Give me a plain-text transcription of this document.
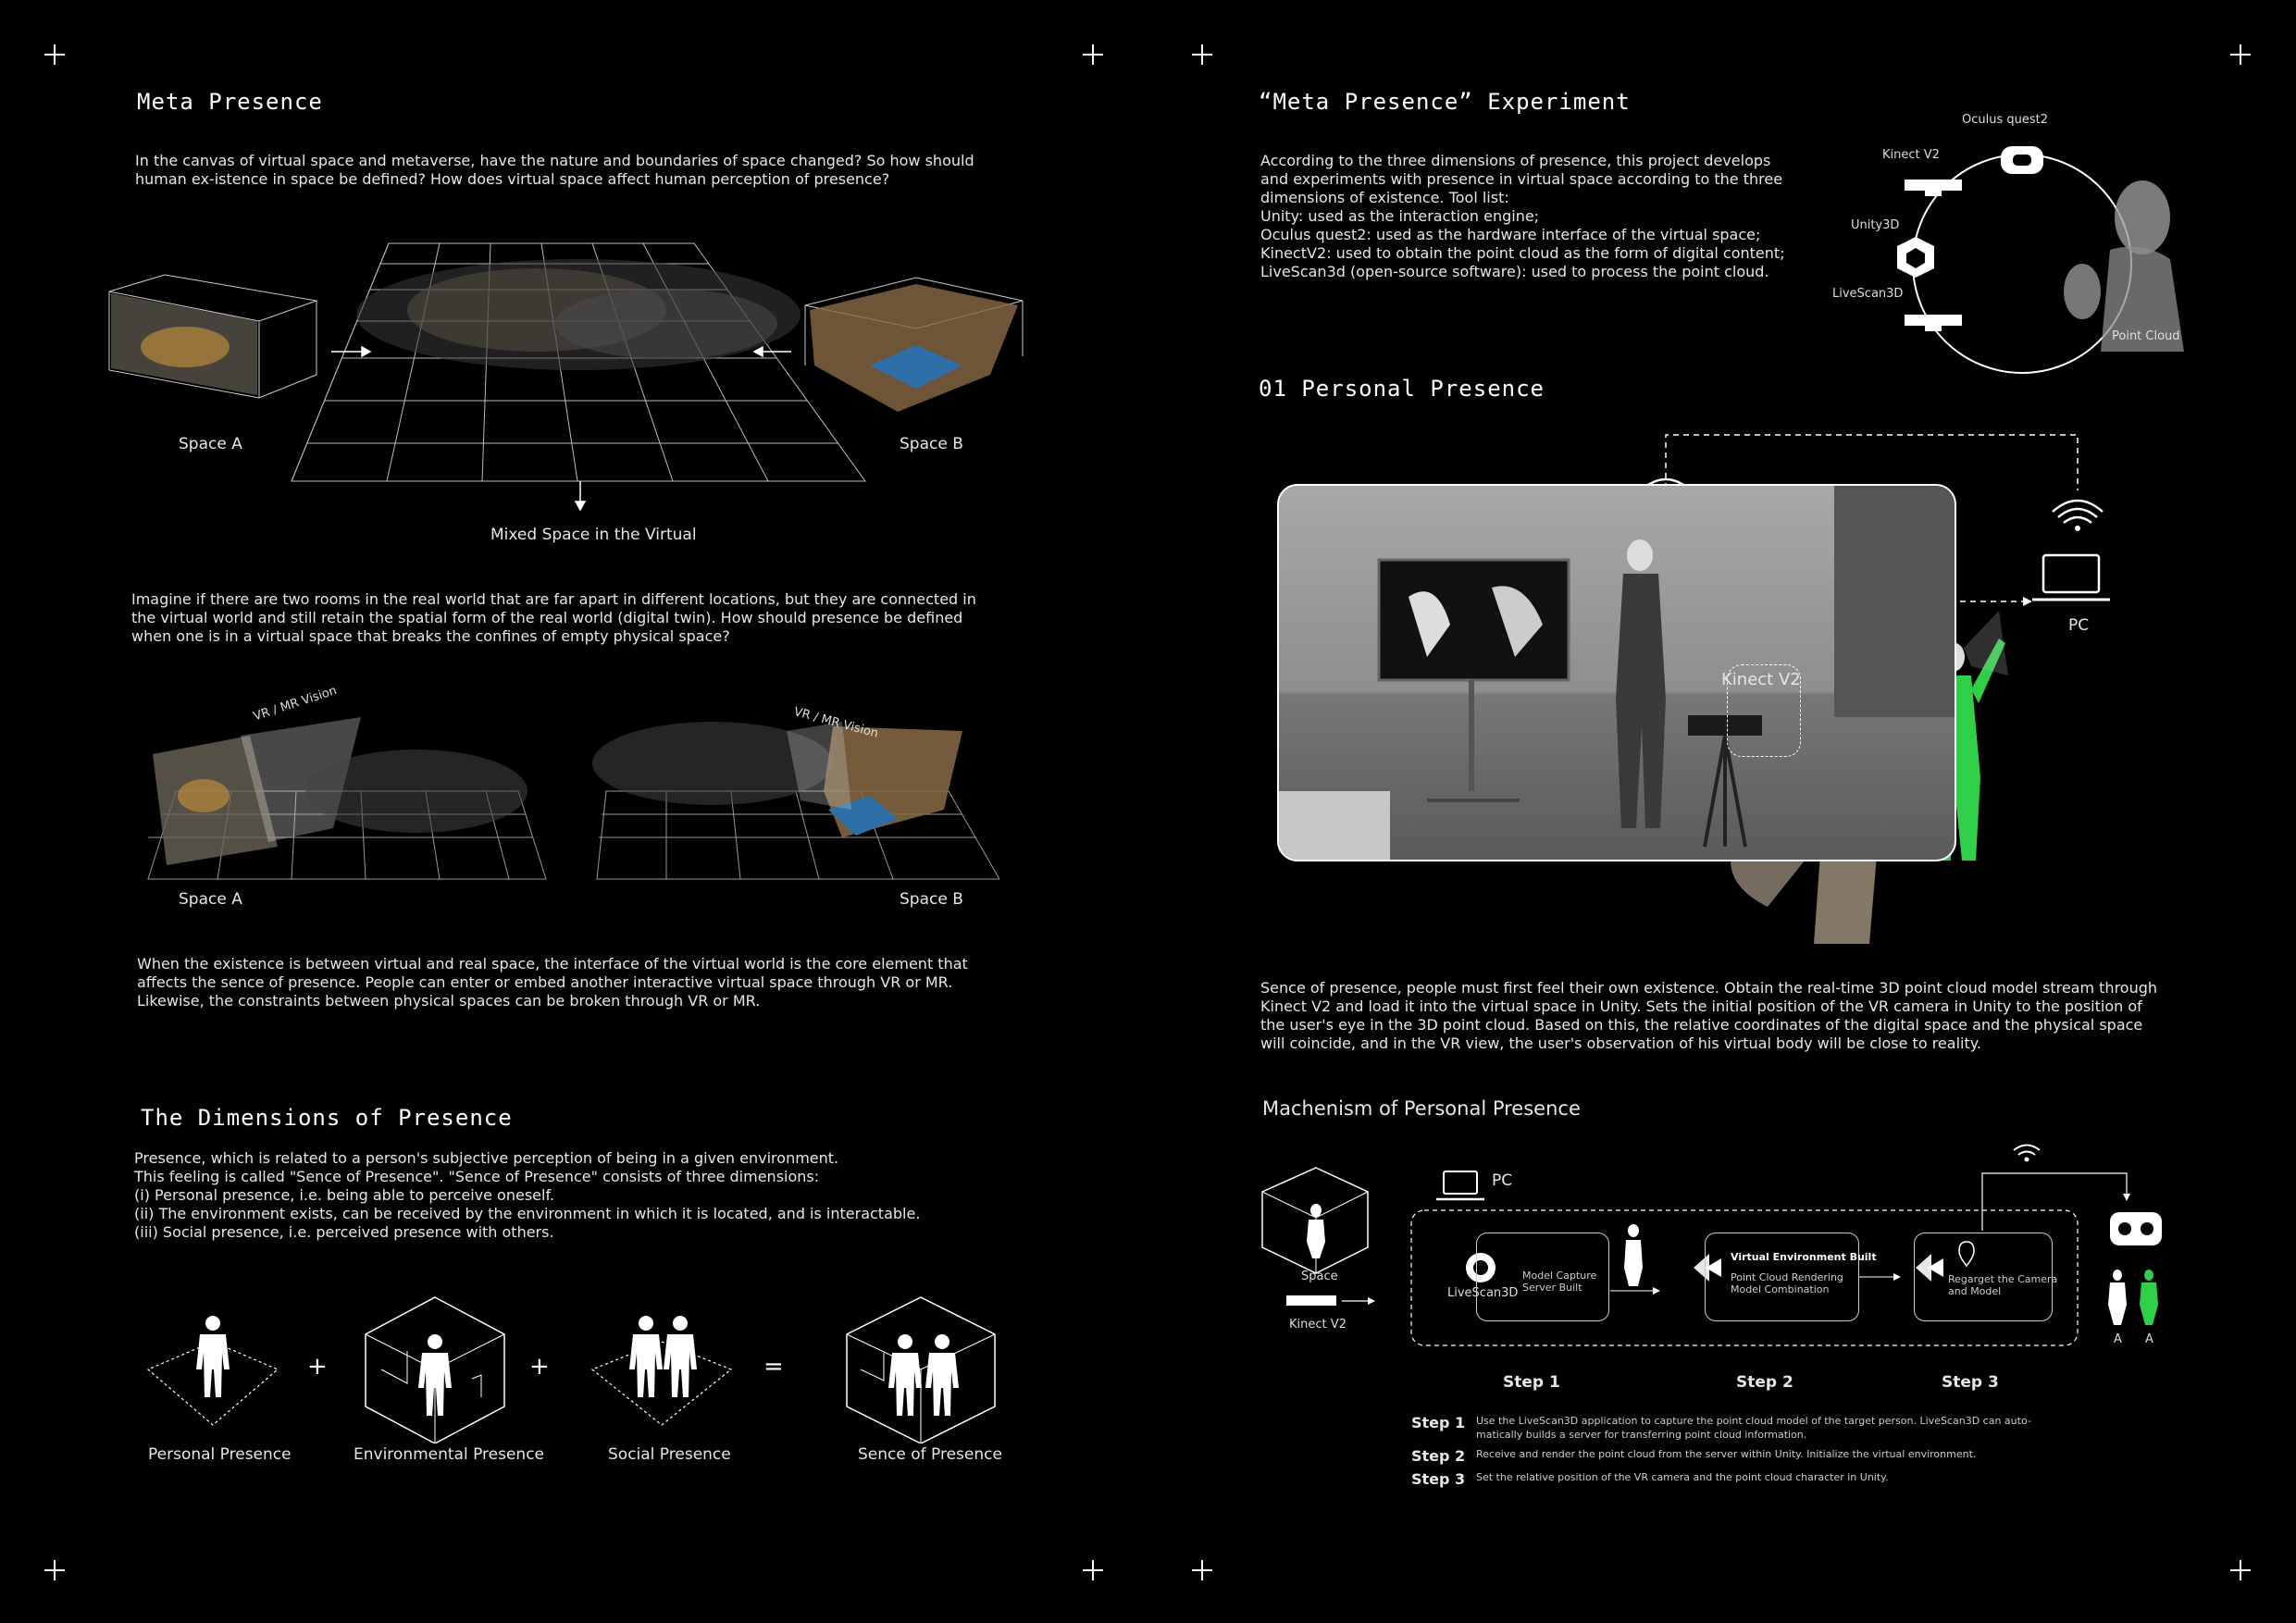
Meta Presence
In the canvas of virtual space and metaverse, have the nature and boundaries of space changed? So how should human ex-istence in space be defined? How does virtual space affect human perception of presence?
Space A	Space B
Mixed Space in the Virtual
Imagine if there are two rooms in the real world that are far apart in different locations, but they are connected in the virtual world and still retain the spatial form of the real world (digital twin). How should presence be defined when one is in a virtual space that breaks the confines of empty physical space?
VR / MR Vision	VR / MR Vision
Space A	Space B
When the existence is between virtual and real space, the interface of the virtual world is the core element that affects the sence of presence. People can enter or embed another interactive virtual space through VR or MR. Likewise, the constraints between physical spaces can be broken through VR or MR.
The Dimensions of Presence
Presence, which is related to a person's subjective perception of being in a given environment.
This feeling is called "Sence of Presence". "Sence of Presence" consists of three dimensions:
(i) Personal presence, i.e. being able to perceive oneself.
(ii) The environment exists, can be received by the environment in which it is located, and is interactable.
(iii) Social presence, i.e. perceived presence with others.
+	+	=
Personal Presence	Environmental Presence	Social Presence	Sence of Presence
“Meta Presence” Experiment
According to the three dimensions of presence, this project develops
and experiments with presence in virtual space according to the three
dimensions of existence. Tool list:
Unity: used as the interaction engine;
Oculus quest2: used as the hardware interface of the virtual space;
KinectV2: used to obtain the point cloud as the form of digital content;
LiveScan3d (open-source software): used to process the point cloud.
Oculus quest2
Kinect V2
Unity3D
LiveScan3D
Point Cloud
01 Personal Presence
Kinect V2
PC
Sence of presence, people must first feel their own existence. Obtain the real-time 3D point cloud model stream through Kinect V2 and load it into the virtual space in Unity. Sets the initial position of the VR camera in Unity to the position of the user's eye in the 3D point cloud. Based on this, the relative coordinates of the digital space and the physical space will coincide, and in the VR view, the user's observation of his virtual body will be close to reality.
Machenism of Personal Presence
PC
Space
Kinect V2
LiveScan3D
Model Capture
Server Built
Virtual Environment Built
Point Cloud Rendering
Model Combination
Regarget the Camera
and Model
A A
Step 1	Step 2	Step 3
Step 1 Use the LiveScan3D application to capture the point cloud model of the target person. LiveScan3D can auto-matically builds a server for transferring point cloud information.
Step 2 Receive and render the point cloud from the server within Unity. Initialize the virtual environment.
Step 3 Set the relative position of the VR camera and the point cloud character in Unity.
